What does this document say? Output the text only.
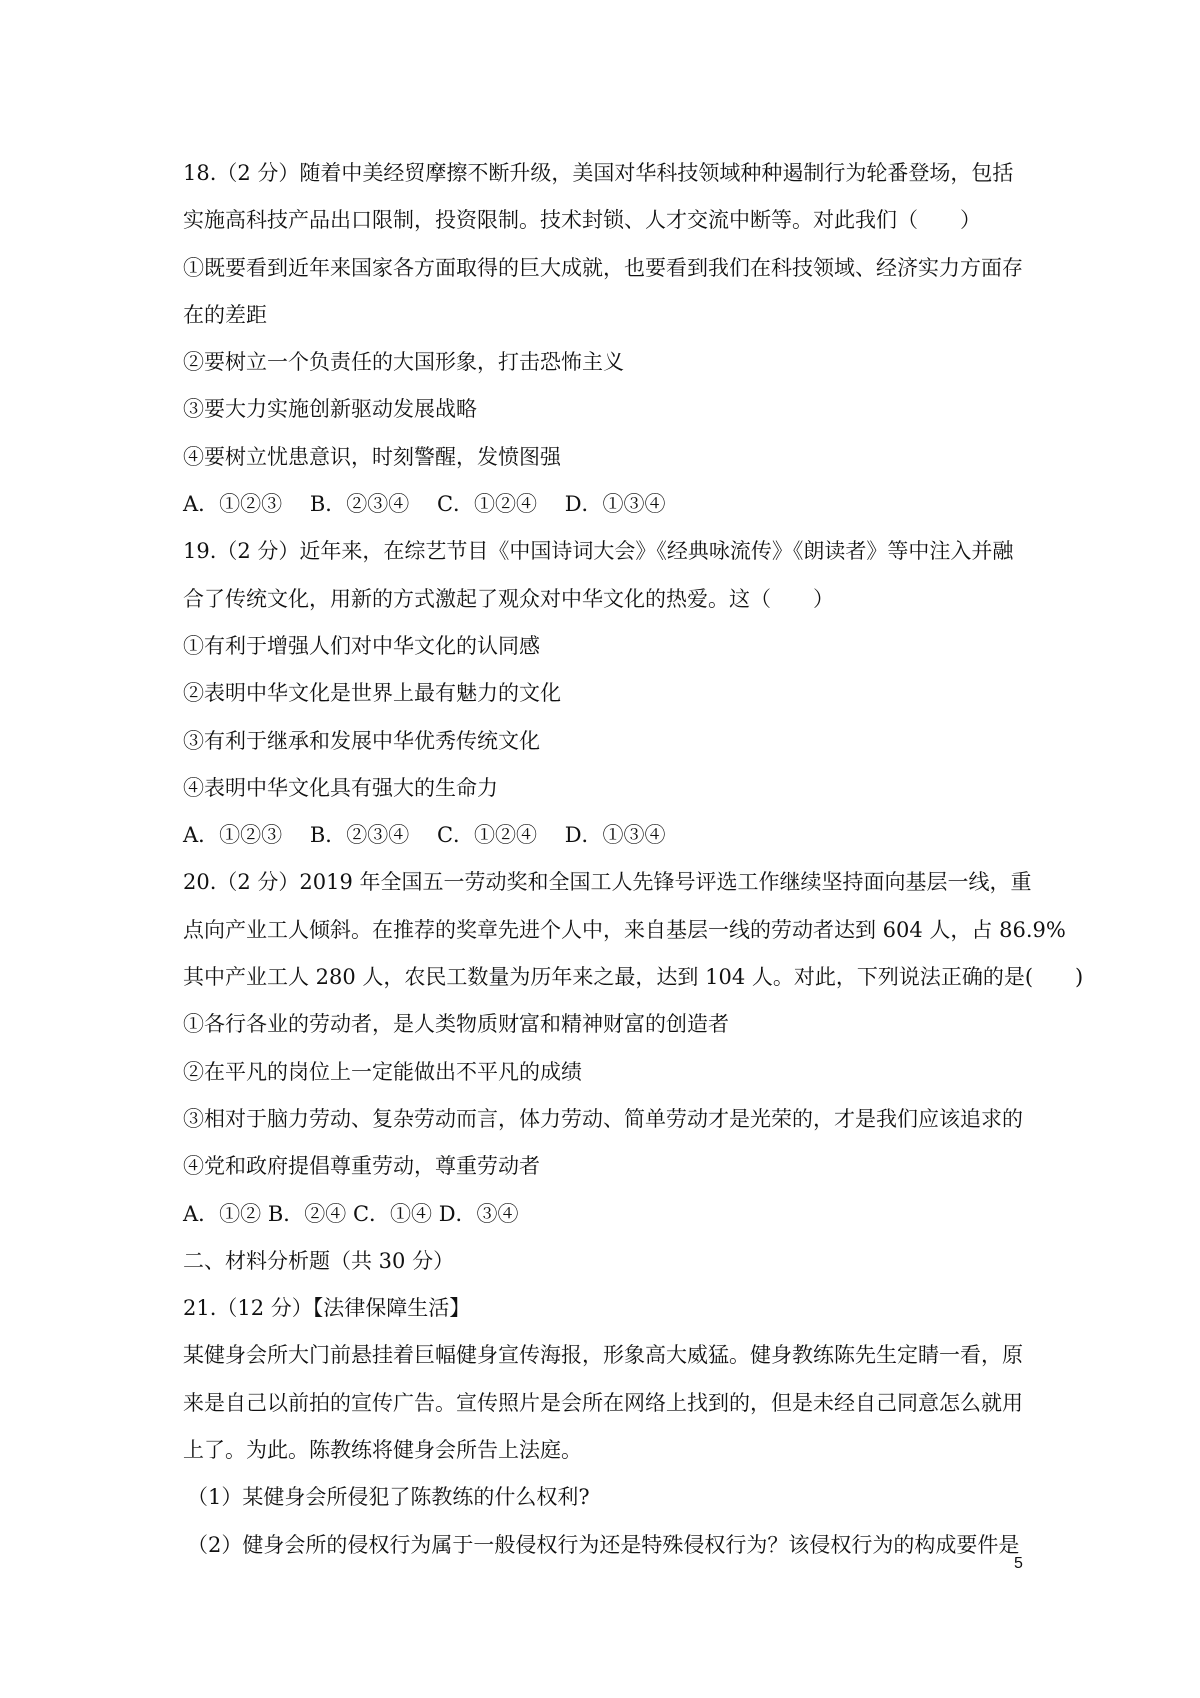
18.（2 分）随着中美经贸摩擦不断升级，美国对华科技领域种种遏制行为轮番登场，包括
实施高科技产品出口限制，投资限制。技术封锁、人才交流中断等。对此我们（　　）
①既要看到近年来国家各方面取得的巨大成就，也要看到我们在科技领域、经济实力方面存
在的差距
②要树立一个负责任的大国形象，打击恐怖主义
③要大力实施创新驱动发展战略
④要树立忧患意识，时刻警醒，发愤图强
A．①②③　 B．②③④　 C．①②④　 D．①③④
19.（2 分）近年来，在综艺节目《中国诗词大会》《经典咏流传》《朗读者》等中注入并融
合了传统文化，用新的方式激起了观众对中华文化的热爱。这（　　）
①有利于增强人们对中华文化的认同感
②表明中华文化是世界上最有魅力的文化
③有利于继承和发展中华优秀传统文化
④表明中华文化具有强大的生命力
A．①②③　 B．②③④　 C．①②④　 D．①③④
20.（2 分）2019 年全国五一劳动奖和全国工人先锋号评选工作继续坚持面向基层一线，重
点向产业工人倾斜。在推荐的奖章先进个人中，来自基层一线的劳动者达到 604 人，占 86.9%
其中产业工人 280 人，农民工数量为历年来之最，达到 104 人。对此，下列说法正确的是(　　)
①各行各业的劳动者，是人类物质财富和精神财富的创造者
②在平凡的岗位上一定能做出不平凡的成绩
③相对于脑力劳动、复杂劳动而言，体力劳动、简单劳动才是光荣的，才是我们应该追求的
④党和政府提倡尊重劳动，尊重劳动者
A．①② B．②④ C．①④ D．③④
二、材料分析题（共 30 分）
21.（12 分）【法律保障生活】
某健身会所大门前悬挂着巨幅健身宣传海报，形象高大威猛。健身教练陈先生定睛一看，原
来是自己以前拍的宣传广告。宣传照片是会所在网络上找到的，但是未经自己同意怎么就用
上了。为此。陈教练将健身会所告上法庭。
（1）某健身会所侵犯了陈教练的什么权利?
（2）健身会所的侵权行为属于一般侵权行为还是特殊侵权行为？该侵权行为的构成要件是
5
